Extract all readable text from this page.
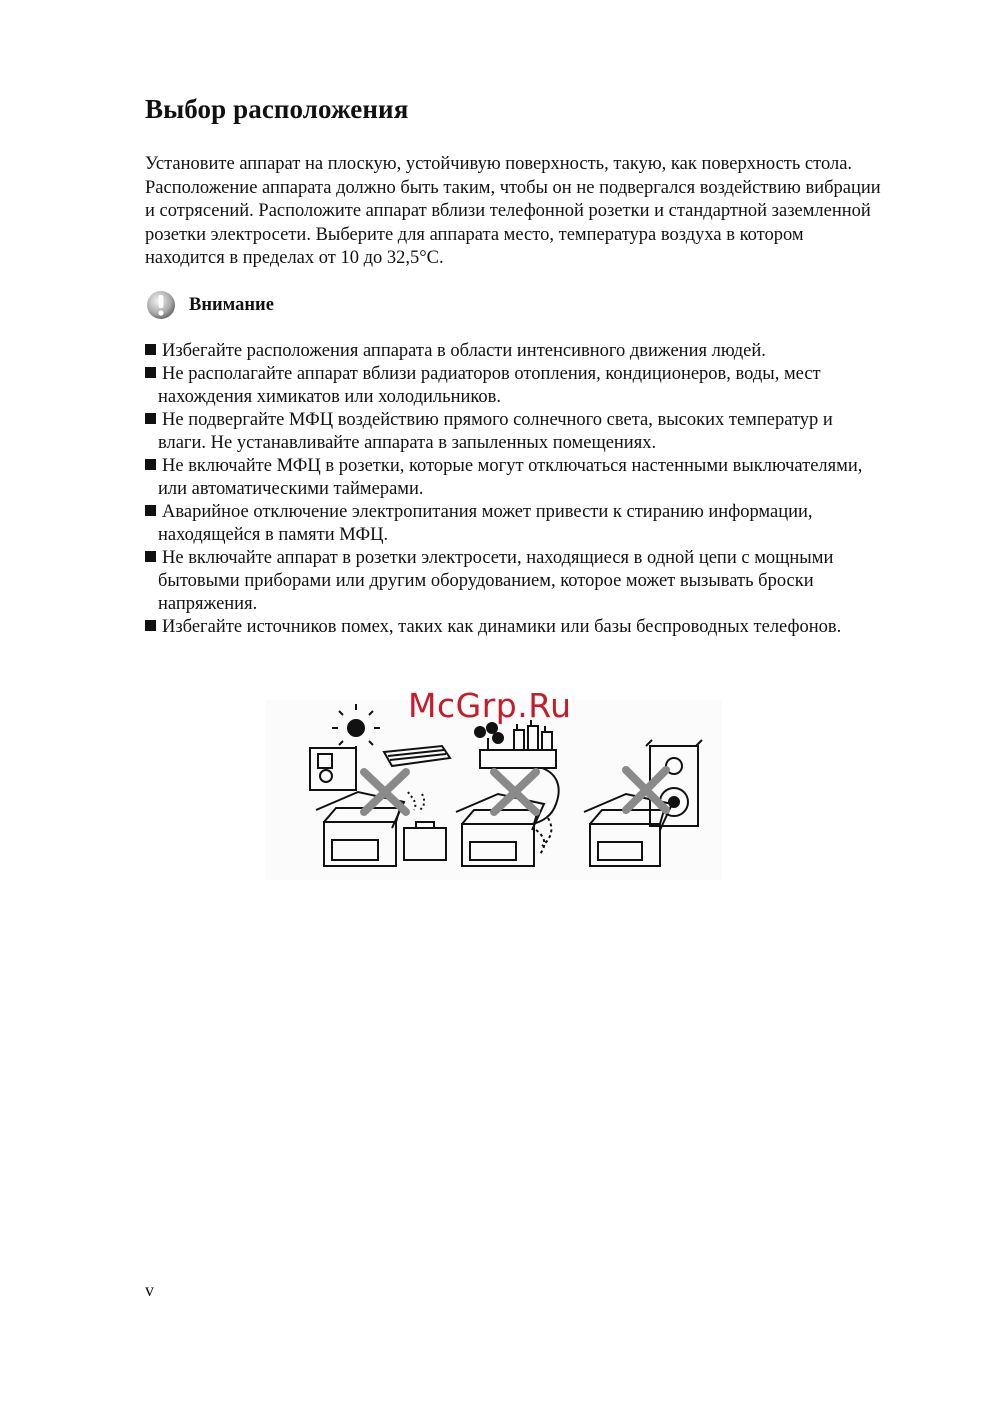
Выбор расположения

Установите аппарат на плоскую, устойчивую поверхность, такую, как поверхность стола.
Расположение аппарата должно быть таким, чтобы он не подвергался воздействию вибрации
и сотрясений. Расположите аппарат вблизи телефонной розетки и стандартной заземленной
розетки электросети. Выберите для аппарата место, температура воздуха в котором
находится в пределах от 10 до 32,5°C.

Внимание
Избегайте расположения аппарата в области интенсивного движения людей.
Не располагайте аппарат вблизи радиаторов отопления, кондиционеров, воды, мест
нахождения химикатов или холодильников.
Не подвергайте МФЦ воздействию прямого солнечного света, высоких температур и
влаги. Не устанавливайте аппарата в запыленных помещениях.
Не включайте МФЦ в розетки, которые могут отключаться настенными выключателями,
или автоматическими таймерами.
Аварийное отключение электропитания может привести к стиранию информации,
находящейся в памяти МФЦ.
Не включайте аппарат в розетки электросети, находящиеся в одной цепи с мощными
бытовыми приборами или другим оборудованием, которое может вызывать броски
напряжения.
Избегайте источников помех, таких как динамики или базы беспроводных телефонов.
McGrp.Ru
v
